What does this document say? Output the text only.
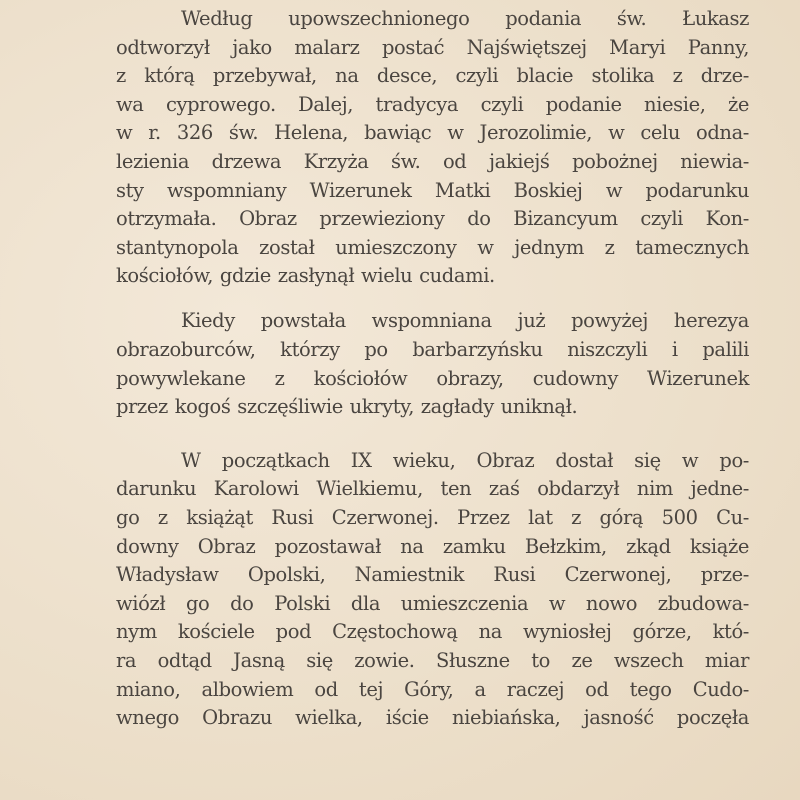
Według upowszechnionego podania św. Łukasz
odtworzył jako malarz postać Najświętszej Maryi Panny,
z którą przebywał, na desce, czyli blacie stolika z drze-
wa cyprowego. Dalej, tradycya czyli podanie niesie, że
w r. 326 św. Helena, bawiąc w Jerozolimie, w celu odna-
lezienia drzewa Krzyża św. od jakiejś pobożnej niewia-
sty wspomniany Wizerunek Matki Boskiej w podarunku
otrzymała. Obraz przewieziony do Bizancyum czyli Kon-
stantynopola został umieszczony w jednym z tamecznych
kościołów, gdzie zasłynął wielu cudami.
Kiedy powstała wspomniana już powyżej herezya
obrazoburców, którzy po barbarzyńsku niszczyli i palili
powywlekane z kościołów obrazy, cudowny Wizerunek
przez kogoś szczęśliwie ukryty, zagłady uniknął.
W początkach IX wieku, Obraz dostał się w po-
darunku Karolowi Wielkiemu, ten zaś obdarzył nim jedne-
go z książąt Rusi Czerwonej. Przez lat z górą 500 Cu-
downy Obraz pozostawał na zamku Bełzkim, zkąd książe
Władysław Opolski, Namiestnik Rusi Czerwonej, prze-
wiózł go do Polski dla umieszczenia w nowo zbudowa-
nym kościele pod Częstochową na wyniosłej górze, któ-
ra odtąd Jasną się zowie. Słuszne to ze wszech miar
miano, albowiem od tej Góry, a raczej od tego Cudo-
wnego Obrazu wielka, iście niebiańska, jasność poczęła
